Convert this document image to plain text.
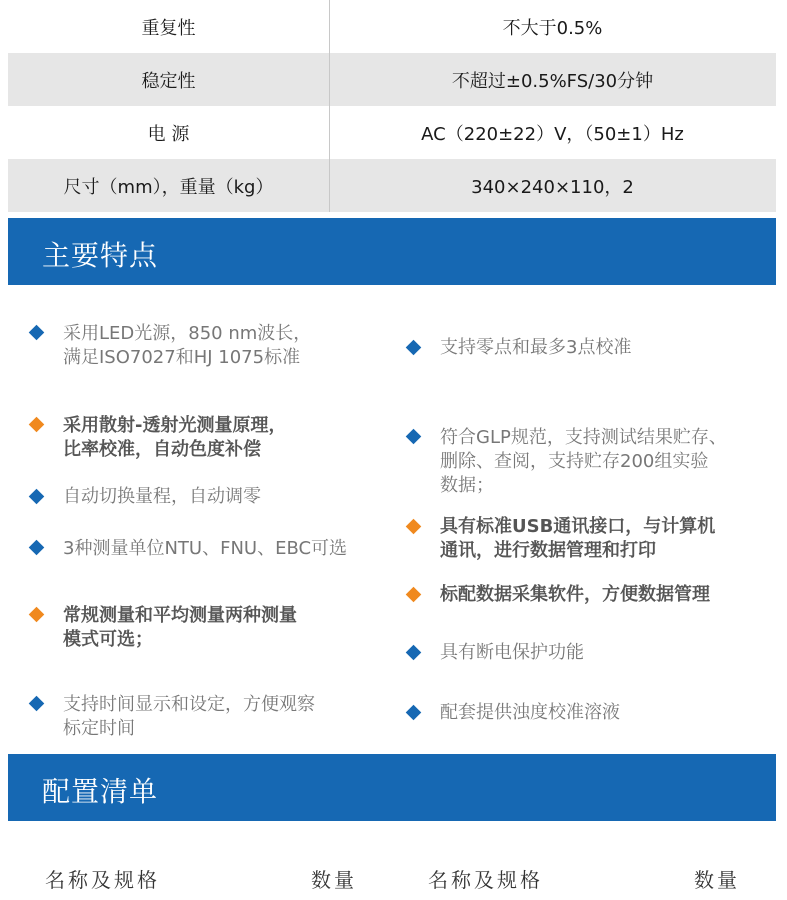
重复性	不大于0.5%
稳定性	不超过±0.5%FS/30分钟
电 源	AC（220±22）V，（50±1）Hz
尺寸（mm），重量（kg）	340×240×110，2
主要特点
采用LED光源，850 nm波长，
满足ISO7027和HJ 1075标准
采用散射-透射光测量原理，
比率校准，自动色度补偿
自动切换量程，自动调零
3种测量单位NTU、FNU、EBC可选
常规测量和平均测量两种测量
模式可选；
支持时间显示和设定，方便观察
标定时间
支持零点和最多3点校准
符合GLP规范，支持测试结果贮存、
删除、查阅，支持贮存200组实验
数据；
具有标准USB通讯接口，与计算机
通讯，进行数据管理和打印
标配数据采集软件，方便数据管理
具有断电保护功能
配套提供浊度校准溶液
配置清单
名称及规格	数量	名称及规格	数量
